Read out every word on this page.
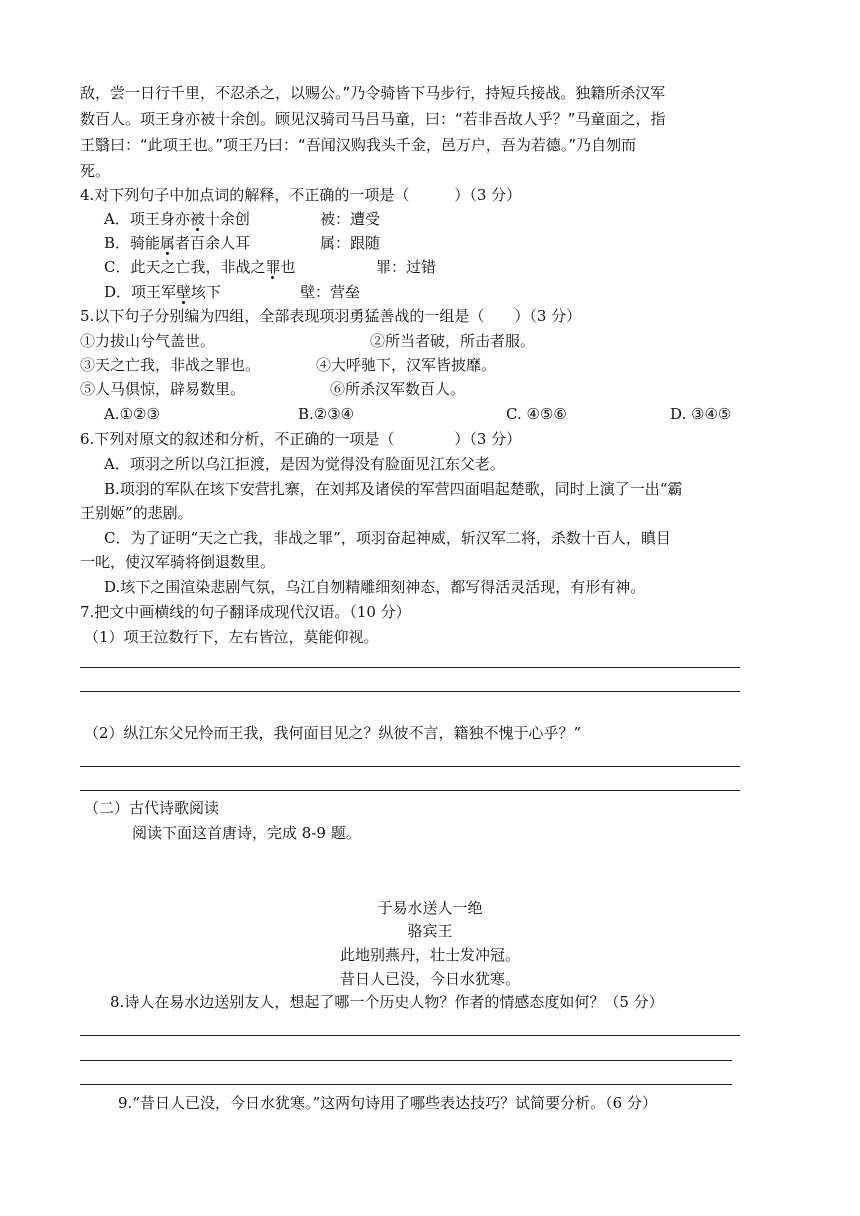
敌，尝一日行千里，不忍杀之，以赐公。”乃令骑皆下马步行，持短兵接战。独籍所杀汉军
数百人。项王身亦被十余创。顾见汉骑司马吕马童，曰：“若非吾故人乎？”马童面之，指
王翳曰：“此项王也。”项王乃曰：“吾闻汉购我头千金，邑万户，吾为若德。”乃自刎而
死。
4.对下列句子中加点词的解释，不正确的一项是（　　　）（3 分）
A．项王身亦被十余创	被：遭受
B．骑能属者百余人耳	属：跟随
C．此天之亡我，非战之罪也	罪：过错
D．项王军壁垓下	壁：营垒
5.以下句子分别编为四组，全部表现项羽勇猛善战的一组是（　　）（3 分）
①力拔山兮气盖世。	②所当者破，所击者服。
③天之亡我，非战之罪也。	④大呼驰下，汉军皆披靡。
⑤人马俱惊，辟易数里。	⑥所杀汉军数百人。
A.①②③	B.②③④	C. ④⑤⑥	D. ③④⑤
6.下列对原文的叙述和分析，不正确的一项是（　　　　）（3 分）
A．项羽之所以乌江拒渡，是因为觉得没有脸面见江东父老。
B.项羽的军队在垓下安营扎寨，在刘邦及诸侯的军营四面唱起楚歌，同时上演了一出“霸
王别姬”的悲剧。
C．为了证明“天之亡我，非战之罪”，项羽奋起神威，斩汉军二将，杀数十百人，瞋目
一叱，使汉军骑将倒退数里。
D.垓下之围渲染悲剧气氛，乌江自刎精雕细刻神态，都写得活灵活现，有形有神。
7.把文中画横线的句子翻译成现代汉语。（10 分）
（1）项王泣数行下，左右皆泣，莫能仰视。
（2）纵江东父兄怜而王我，我何面目见之？纵彼不言，籍独不愧于心乎？”
（二）古代诗歌阅读
阅读下面这首唐诗，完成 8-9 题。
于易水送人一绝
骆宾王
此地别燕丹，壮士发冲冠。
昔日人已没，今日水犹寒。
8.诗人在易水边送别友人，想起了哪一个历史人物？作者的情感态度如何？（5 分）
9.“昔日人已没，今日水犹寒。”这两句诗用了哪些表达技巧？试简要分析。（6 分）
